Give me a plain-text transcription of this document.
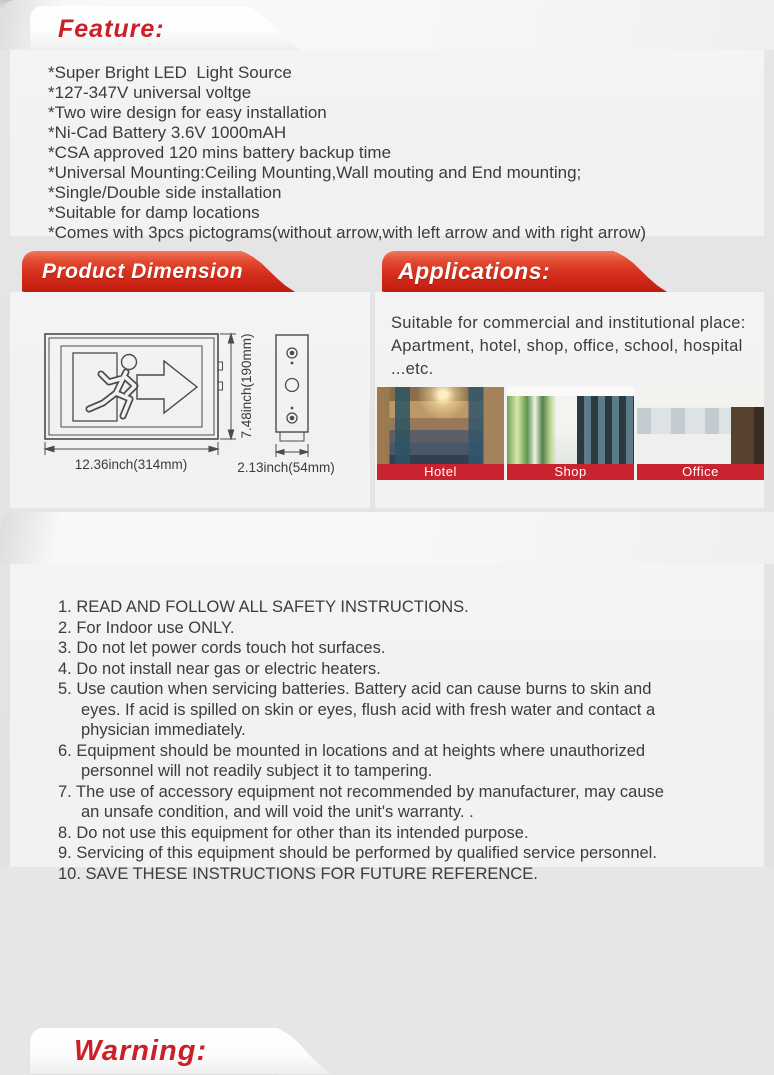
Feature:
*Super Bright LED  Light Source
*127-347V universal voltge
*Two wire design for easy installation
*Ni-Cad Battery 3.6V 1000mAH
*CSA approved 120 mins battery backup time
*Universal Mounting:Ceiling Mounting,Wall mouting and End mounting;
*Single/Double side installation
*Suitable for damp locations
*Comes with 3pcs pictograms(without arrow,with left arrow and with right arrow)
Product Dimension	Applications:
12.36inch(314mm)
7.48inch(190mm)
2.13inch(54mm)
Suitable for commercial and institutional place:
Apartment, hotel, shop, office, school, hospital
...etc.
Hotel	Shop	Office
Warning:
1. READ AND FOLLOW ALL SAFETY INSTRUCTIONS.
2. For Indoor use ONLY.
3. Do not let power cords touch hot surfaces.
4. Do not install near gas or electric heaters.
5. Use caution when servicing batteries. Battery acid can cause burns to skin and
eyes. If acid is spilled on skin or eyes, flush acid with fresh water and contact a
physician immediately.
6. Equipment should be mounted in locations and at heights where unauthorized
personnel will not readily subject it to tampering.
7. The use of accessory equipment not recommended by manufacturer, may cause
an unsafe condition, and will void the unit's warranty. .
8. Do not use this equipment for other than its intended purpose.
9. Servicing of this equipment should be performed by qualified service personnel.
10. SAVE THESE INSTRUCTIONS FOR FUTURE REFERENCE.
